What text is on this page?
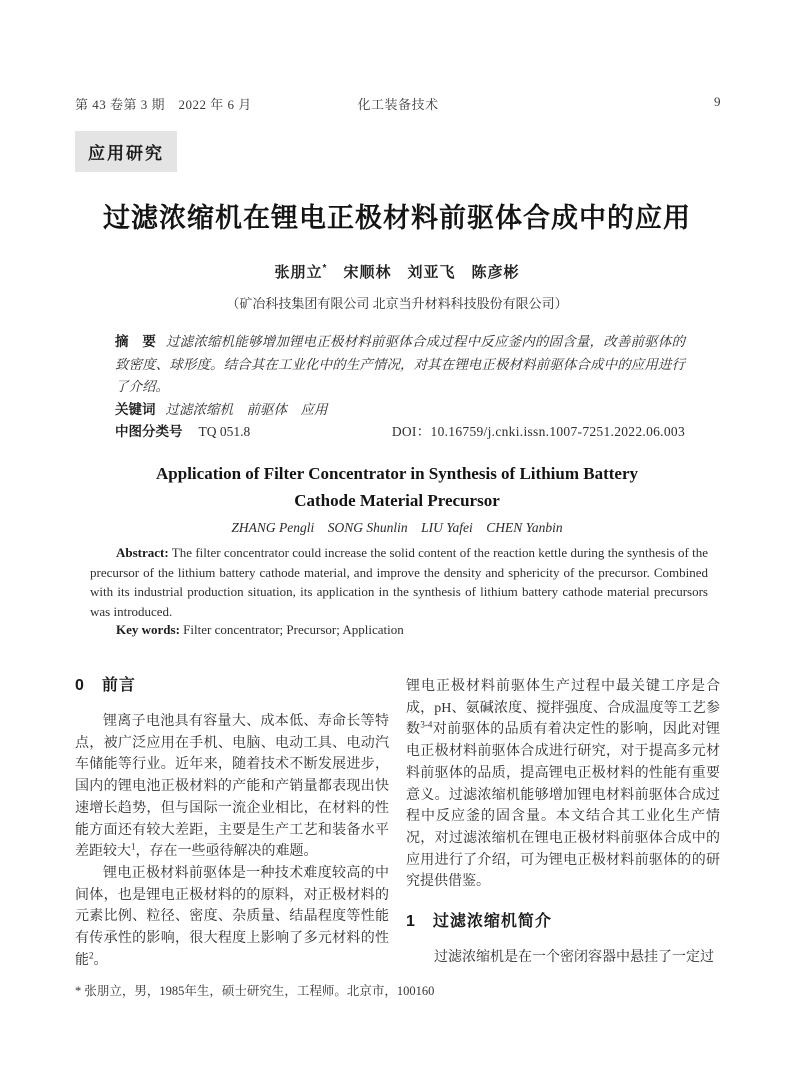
第 43 卷第 3 期　2022 年 6 月	化工装备技术	9
应用研究
过滤浓缩机在锂电正极材料前驱体合成中的应用
张朋立*　宋顺林　刘亚飞　陈彦彬
（矿冶科技集团有限公司 北京当升材料科技股份有限公司）

摘　要 过滤浓缩机能够增加锂电正极材料前驱体合成过程中反应釜内的固含量，改善前驱体的致密度、球形度。结合其在工业化中的生产情况，对其在锂电正极材料前驱体合成中的应用进行了介绍。

关键词 过滤浓缩机　前驱体　应用

中图分类号 TQ 051.8	DOI：10.16759/j.cnki.issn.1007-7251.2022.06.003

Application of Filter Concentrator in Synthesis of Lithium Battery
Cathode Material Precursor
ZHANG Pengli　SONG Shunlin　LIU Yafei　CHEN Yanbin

Abstract: The filter concentrator could increase the solid content of the reaction kettle during the synthesis of the precursor of the lithium battery cathode material, and improve the density and sphericity of the precursor. Combined with its industrial production situation, its application in the synthesis of lithium battery cathode material precursors was introduced.

Key words: Filter concentrator; Precursor; Application

0　前言

锂离子电池具有容量大、成本低、寿命长等特点，被广泛应用在手机、电脑、电动工具、电动汽车储能等行业。近年来，随着技术不断发展进步，国内的锂电池正极材料的产能和产销量都表现出快速增长趋势，但与国际一流企业相比，在材料的性能方面还有较大差距，主要是生产工艺和装备水平差距较大$^1$，存在一些亟待解决的难题。

锂电正极材料前驱体是一种技术难度较高的中间体，也是锂电正极材料的的原料，对正极材料的元素比例、粒径、密度、杂质量、结晶程度等性能有传承性的影响，很大程度上影响了多元材料的性能$^2$。

锂电正极材料前驱体生产过程中最关键工序是合成，pH、氨碱浓度、搅拌强度、合成温度等工艺参数$^{3-4}$对前驱体的品质有着决定性的影响，因此对锂电正极材料前驱体合成进行研究，对于提高多元材料前驱体的品质，提高锂电正极材料的性能有重要意义。过滤浓缩机能够增加锂电材料前驱体合成过程中反应釜的固含量。本文结合其工业化生产情况，对过滤浓缩机在锂电正极材料前驱体合成中的应用进行了介绍，可为锂电正极材料前驱体的的研究提供借鉴。

1　过滤浓缩机简介

过滤浓缩机是在一个密闭容器中悬挂了一定过

* 张朋立，男，1985年生，硕士研究生，工程师。北京市，100160
